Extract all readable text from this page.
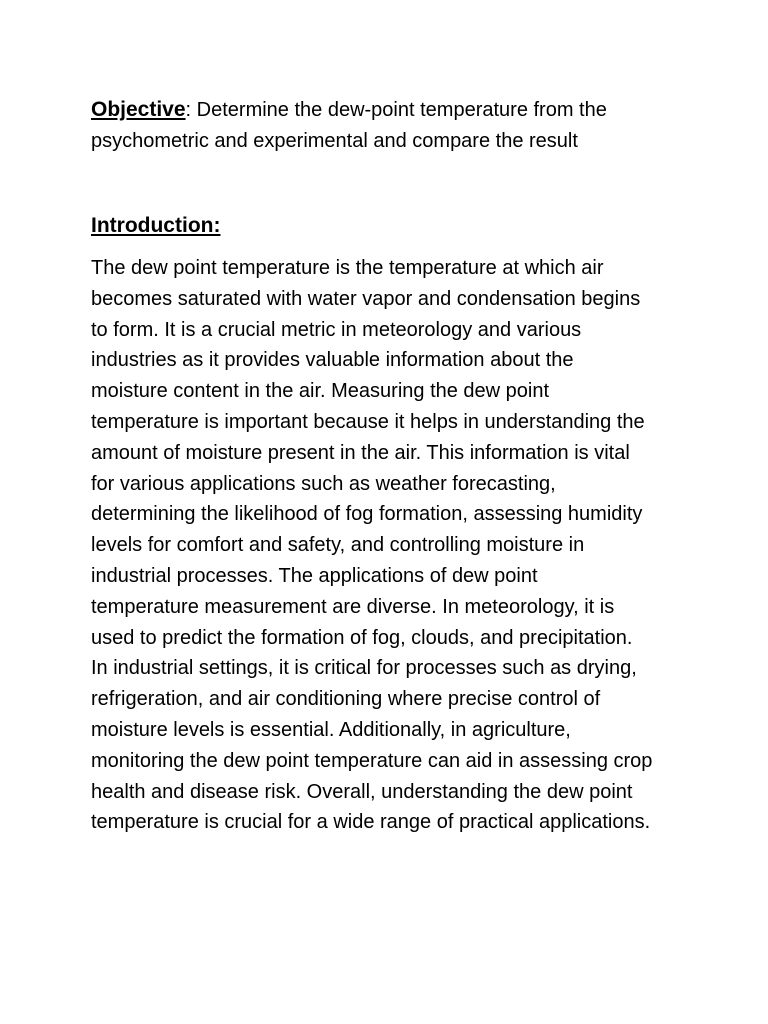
Objective: Determine the dew-point temperature from the
psychometric and experimental and compare the result

Introduction:
The dew point temperature is the temperature at which air
becomes saturated with water vapor and condensation begins
to form. It is a crucial metric in meteorology and various
industries as it provides valuable information about the
moisture content in the air. Measuring the dew point
temperature is important because it helps in understanding the
amount of moisture present in the air. This information is vital
for various applications such as weather forecasting,
determining the likelihood of fog formation, assessing humidity
levels for comfort and safety, and controlling moisture in
industrial processes. The applications of dew point
temperature measurement are diverse. In meteorology, it is
used to predict the formation of fog, clouds, and precipitation.
In industrial settings, it is critical for processes such as drying,
refrigeration, and air conditioning where precise control of
moisture levels is essential. Additionally, in agriculture,
monitoring the dew point temperature can aid in assessing crop
health and disease risk. Overall, understanding the dew point
temperature is crucial for a wide range of practical applications.
